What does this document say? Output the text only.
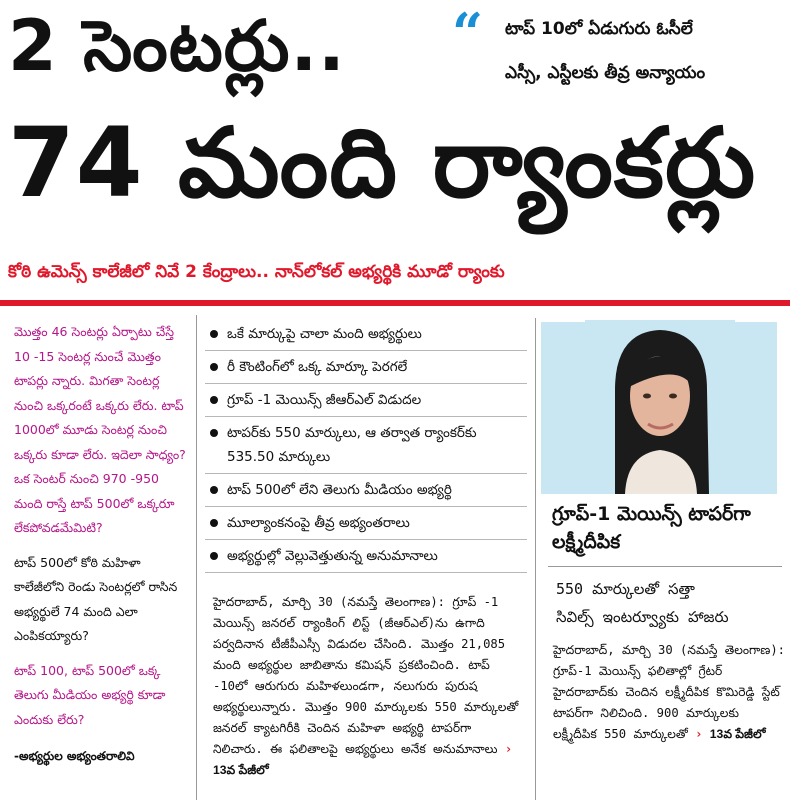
2 సెంటర్లు..
74 మంది ర్యాంకర్లు
“ టాప్ 10లో ఏడుగురు ఓసీలే
ఎస్సీ, ఎస్టీలకు తీవ్ర అన్యాయం
కోఠి ఉమెన్స్ కాలేజీలో నివే 2 కేంద్రాలు.. నాన్‌లోకల్ అభ్యర్థికి మూడో ర్యాంకు
మొత్తం 46 సెంటర్లు ఏర్పాటు చేస్తే 10 -15 సెంటర్ల నుంచే మొత్తం టాపర్లు న్నారు. మిగతా సెంటర్ల నుంచి ఒక్కరంటే ఒక్కరు లేరు. టాప్ 1000లో మూడు సెంటర్ల నుంచి ఒక్కరు కూడా లేరు. ఇదెలా సాధ్యం? ఒక సెంటర్ నుంచి 970 -950 మంది రాస్తే టాప్ 500లో ఒక్కరూ లేకపోవడమేమిటి?
టాప్ 500లో కోఠి మహిళా కాలేజీలోని రెండు సెంటర్లలో రాసిన అభ్యర్థులే 74 మంది ఎలా ఎంపికయ్యారు?
టాప్ 100, టాప్ 500లో ఒక్క తెలుగు మీడియం అభ్యర్థి కూడా ఎందుకు లేరు?
-అభ్యర్థుల అభ్యంతరాలివి
ఒకే మార్కుపై చాలా మంది అభ్యర్థులు
రీ కౌంటింగ్‌లో ఒక్క మార్కూ పెరగలే
గ్రూప్ -1 మెయిన్స్ జీఆర్‌ఎల్ విడుదల
టాపర్‌కు 550 మార్కులు, ఆ తర్వాత ర్యాంకర్‌కు 535.50 మార్కులు
టాప్ 500లో లేని తెలుగు మీడియం అభ్యర్థి
మూల్యాంకనంపై తీవ్ర అభ్యంతరాలు
అభ్యర్థుల్లో వెల్లువెత్తుతున్న అనుమానాలు
హైదరాబాద్, మార్చి 30 (నమస్తే తెలంగాణ): గ్రూప్ -1 మెయిన్స్ జనరల్ ర్యాంకింగ్ లిస్ట్ (జీఆర్‌ఎల్)ను ఉగాది పర్వదినాన టీజీపీఎస్సీ విడుదల చేసింది. మొత్తం 21,085 మంది అభ్యర్థుల జాబితాను కమిషన్ ప్రకటించింది. టాప్ -10లో ఆరుగురు మహిళలుండగా, నలుగురు పురుష అభ్యర్థులున్నారు. మొత్తం 900 మార్కులకు 550 మార్కులతో జనరల్ క్యాటగిరీకి చెందిన మహిళా అభ్యర్థి టాపర్‌గా నిలిచారు. ఈ ఫలితాలపై అభ్యర్థులు అనేక అనుమానాలు › 13వ పేజీలో
గ్రూప్-1 మెయిన్స్ టాపర్‌గా లక్ష్మీదీపిక
550 మార్కులతో సత్తా
సివిల్స్ ఇంటర్వ్యూకు హాజరు
హైదరాబాద్, మార్చి 30 (నమస్తే తెలంగాణ): గ్రూప్-1 మెయిన్స్ ఫలితాల్లో గ్రేటర్ హైదరాబాద్‌కు చెందిన లక్ష్మీదీపిక కొమిరెడ్డి స్టేట్ టాపర్‌గా నిలిచింది. 900 మార్కులకు లక్ష్మీదీపిక 550 మార్కులతో › 13వ పేజీలో
